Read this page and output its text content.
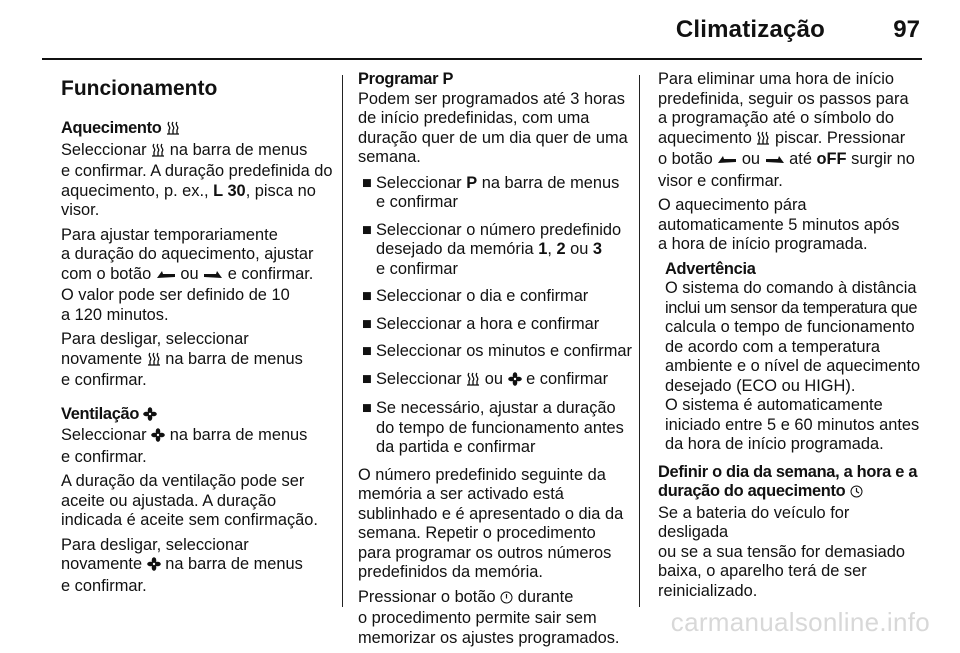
Climatização	97
Funcionamento
Aquecimento

Seleccionar na barra de menus
e confirmar. A duração predefinida do
aquecimento, p. ex., L 30, pisca no
visor.

Para ajustar temporariamente
a duração do aquecimento, ajustar
com o botão ou e confirmar.
O valor pode ser definido de 10
a 120 minutos.

Para desligar, seleccionar
novamente na barra de menus
e confirmar.

Ventilação

Seleccionar na barra de menus
e confirmar.

A duração da ventilação pode ser
aceite ou ajustada. A duração
indicada é aceite sem confirmação.

Para desligar, seleccionar
novamente na barra de menus
e confirmar.

Programar P

Podem ser programados até 3 horas
de início predefinidas, com uma
duração quer de um dia quer de uma
semana.

■ Seleccionar P na barra de menus
e confirmar
■ Seleccionar o número predefinido
desejado da memória 1, 2 ou 3
e confirmar
■ Seleccionar o dia e confirmar
■ Seleccionar a hora e confirmar
■ Seleccionar os minutos e confirmar
■ Seleccionar ou e confirmar
■ Se necessário, ajustar a duração
do tempo de funcionamento antes
da partida e confirmar

O número predefinido seguinte da
memória a ser activado está
sublinhado e é apresentado o dia da
semana. Repetir o procedimento
para programar os outros números
predefinidos da memória.

Pressionar o botão durante
o procedimento permite sair sem
memorizar os ajustes programados.

Para eliminar uma hora de início
predefinida, seguir os passos para
a programação até o símbolo do
aquecimento piscar. Pressionar
o botão ou até oFF surgir no
visor e confirmar.

O aquecimento pára
automaticamente 5 minutos após
a hora de início programada.

Advertência
O sistema do comando à distância
inclui um sensor da temperatura que
calcula o tempo de funcionamento
de acordo com a temperatura
ambiente e o nível de aquecimento
desejado (ECO ou HIGH).
O sistema é automaticamente
iniciado entre 5 e 60 minutos antes
da hora de início programada.
Definir o dia da semana, a hora e a
duração do aquecimento

Se a bateria do veículo for desligada
ou se a sua tensão for demasiado
baixa, o aparelho terá de ser
reinicializado.

carmanualsonline.info
